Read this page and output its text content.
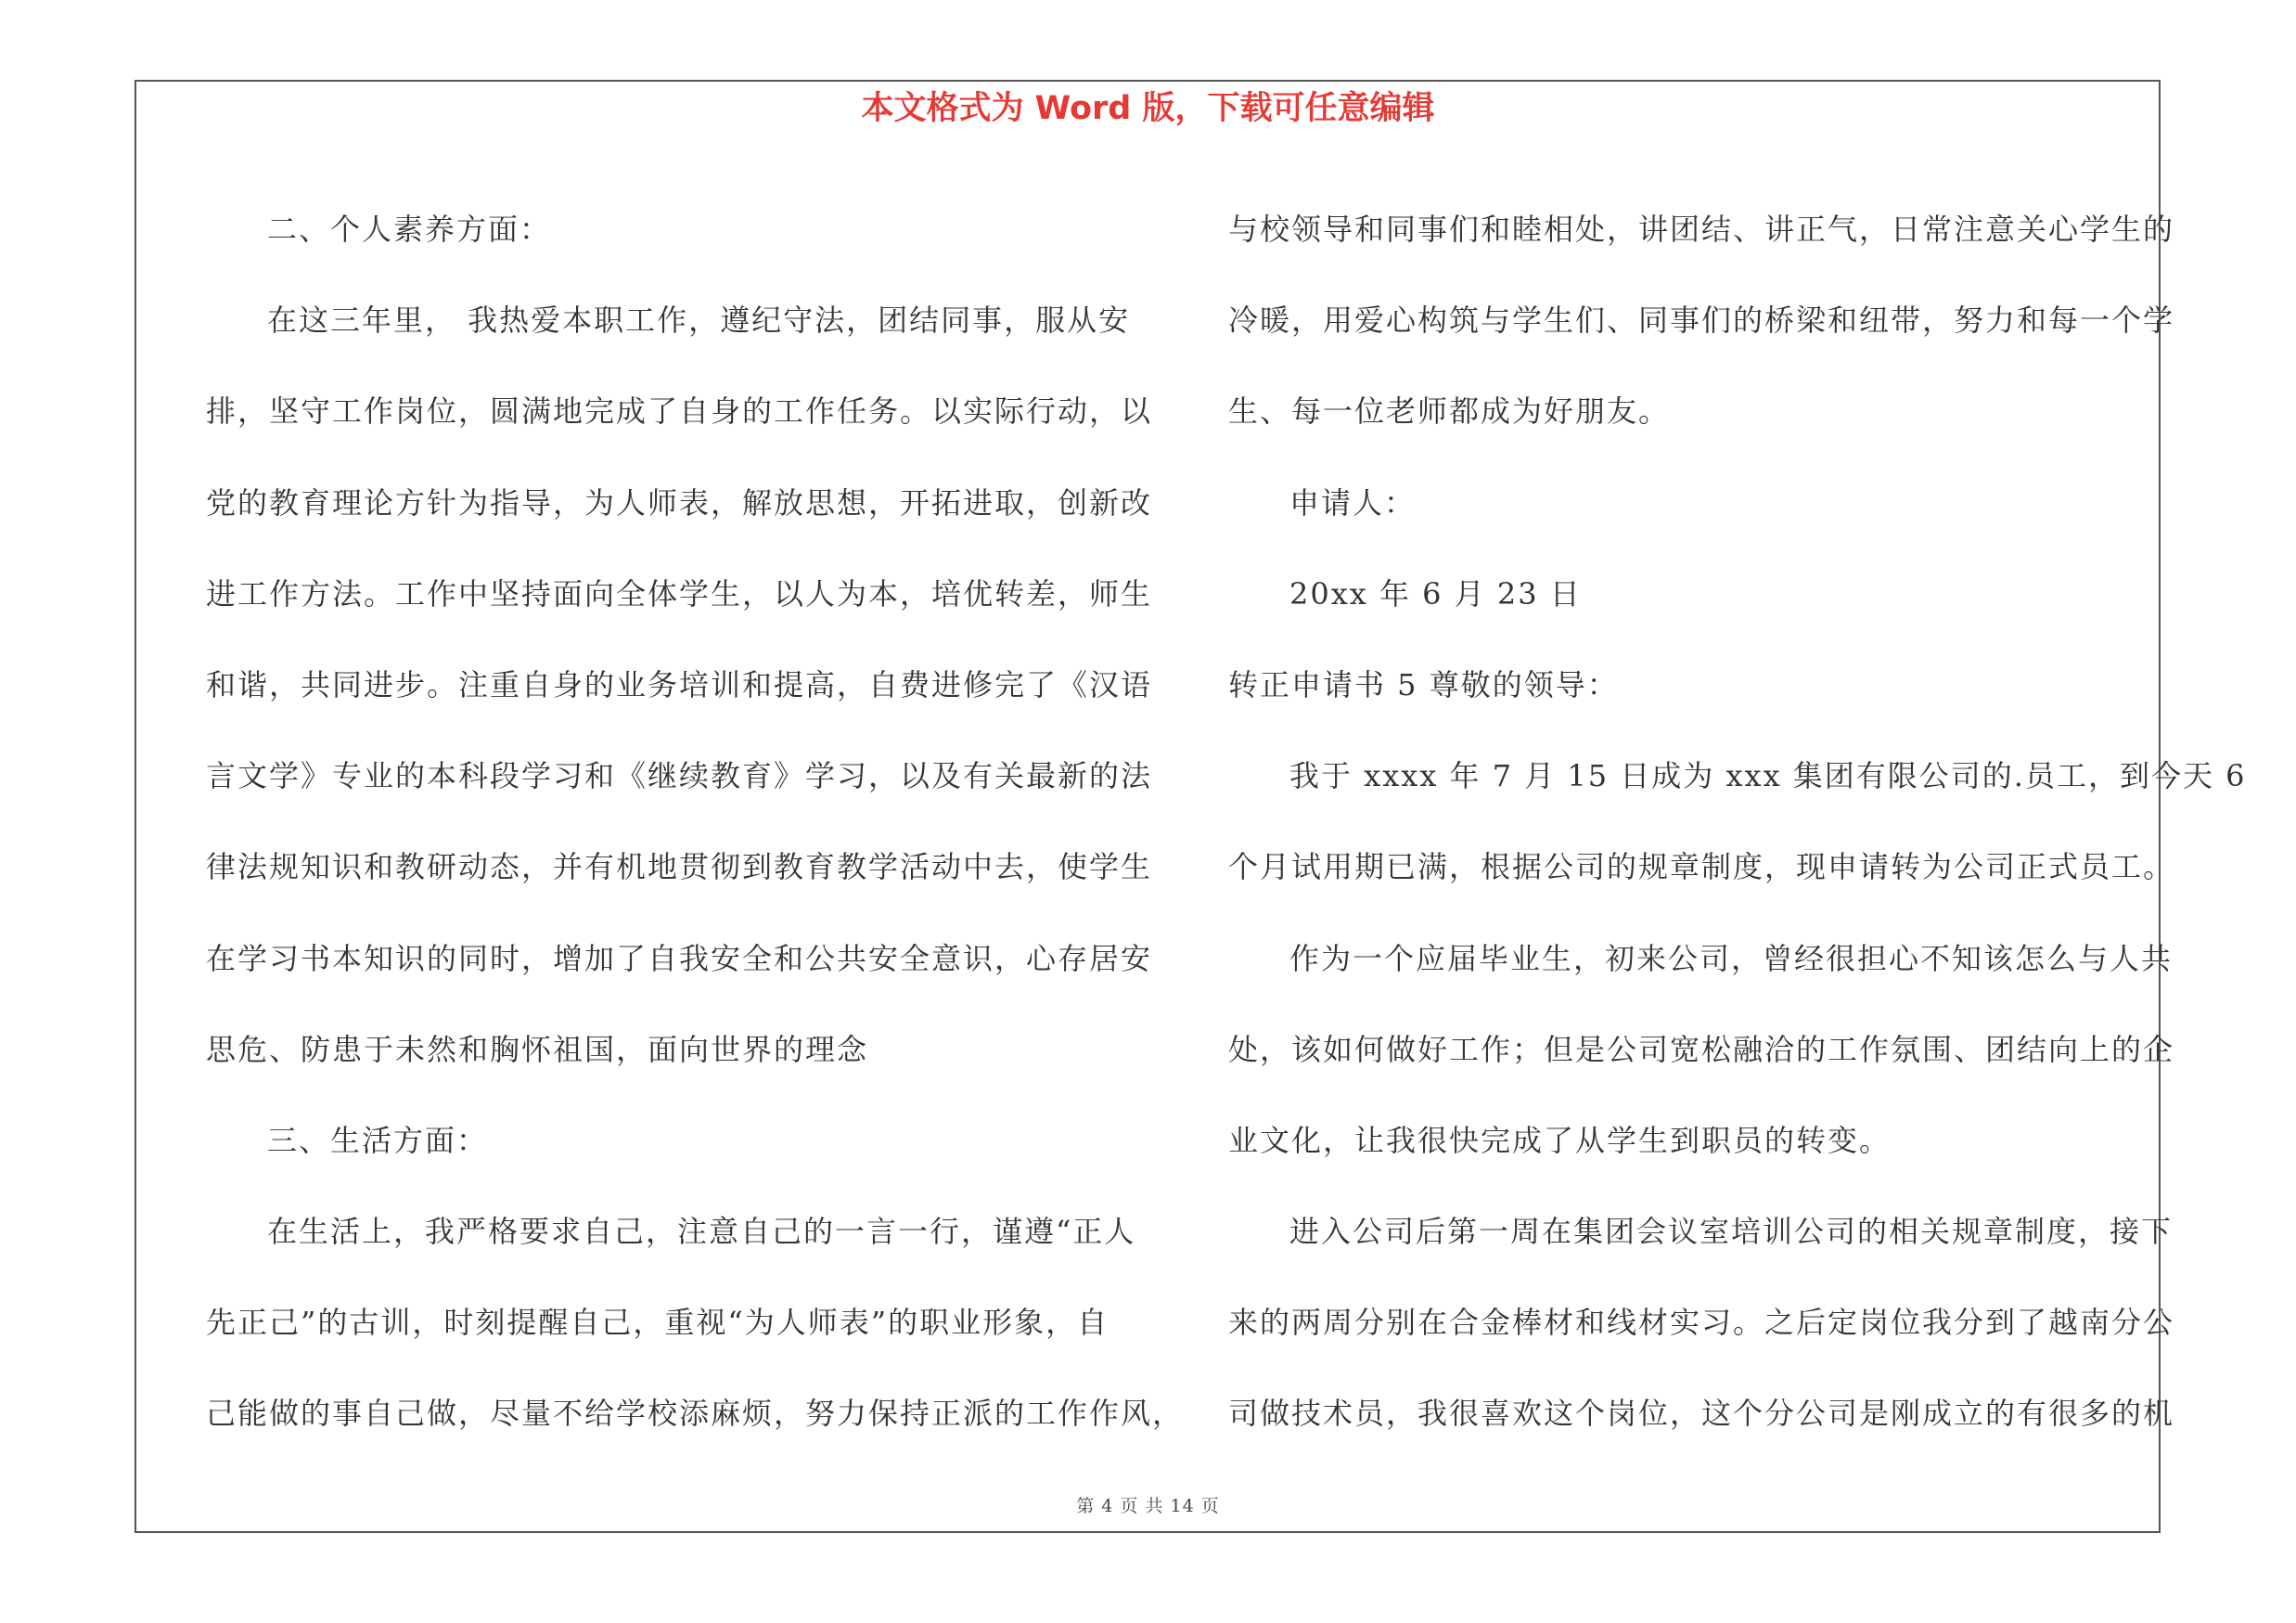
本文格式为 Word 版，下载可任意编辑
二、个人素养方面：
在这三年里， 我热爱本职工作，遵纪守法，团结同事，服从安
排，坚守工作岗位，圆满地完成了自身的工作任务。以实际行动，以
党的教育理论方针为指导，为人师表，解放思想，开拓进取，创新改
进工作方法。工作中坚持面向全体学生，以人为本，培优转差，师生
和谐，共同进步。注重自身的业务培训和提高，自费进修完了《汉语
言文学》专业的本科段学习和《继续教育》学习，以及有关最新的法
律法规知识和教研动态，并有机地贯彻到教育教学活动中去，使学生
在学习书本知识的同时，增加了自我安全和公共安全意识，心存居安
思危、防患于未然和胸怀祖国，面向世界的理念
三、生活方面：
在生活上，我严格要求自己，注意自己的一言一行，谨遵“正人
先正己”的古训，时刻提醒自己，重视“为人师表”的职业形象，自
己能做的事自己做，尽量不给学校添麻烦，努力保持正派的工作作风，
与校领导和同事们和睦相处，讲团结、讲正气，日常注意关心学生的
冷暖，用爱心构筑与学生们、同事们的桥梁和纽带，努力和每一个学
生、每一位老师都成为好朋友。
申请人：
20xx 年 6 月 23 日
转正申请书 5 尊敬的领导：
我于 xxxx 年 7 月 15 日成为 xxx 集团有限公司的.员工，到今天 6
个月试用期已满，根据公司的规章制度，现申请转为公司正式员工。
作为一个应届毕业生，初来公司，曾经很担心不知该怎么与人共
处，该如何做好工作；但是公司宽松融洽的工作氛围、团结向上的企
业文化，让我很快完成了从学生到职员的转变。
进入公司后第一周在集团会议室培训公司的相关规章制度，接下
来的两周分别在合金棒材和线材实习。之后定岗位我分到了越南分公
司做技术员，我很喜欢这个岗位，这个分公司是刚成立的有很多的机
第 4 页 共 14 页
